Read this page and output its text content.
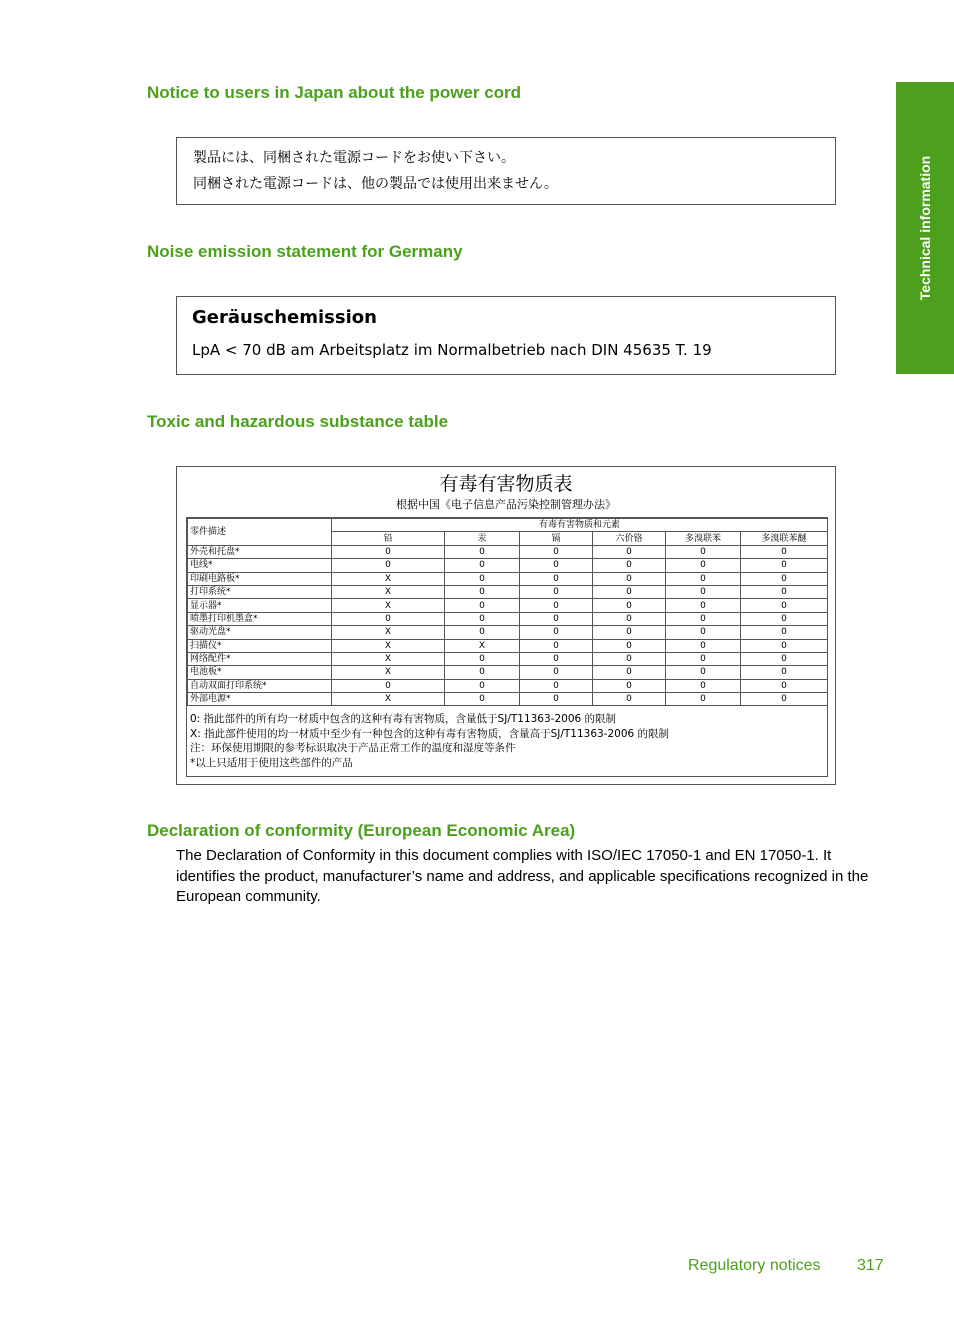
Technical information
Notice to users in Japan about the power cord
製品には、同梱された電源コードをお使い下さい。
同梱された電源コードは、他の製品では使用出来ません。
Noise emission statement for Germany
Geräuschemission
LpA < 70 dB am Arbeitsplatz im Normalbetrieb nach DIN 45635 T. 19
Toxic and hazardous substance table
有毒有害物质表
根据中国《电子信息产品污染控制管理办法》
零件描述	有毒有害物质和元素					
	铅	汞	镉	六价铬	多溴联苯	多溴联苯醚
外壳和托盘*	0	0	0	0	0	0
电线*	0	0	0	0	0	0
印刷电路板*	X	0	0	0	0	0
打印系统*	X	0	0	0	0	0
显示器*	X	0	0	0	0	0
喷墨打印机墨盒*	0	0	0	0	0	0
驱动光盘*	X	0	0	0	0	0
扫描仪*	X	X	0	0	0	0
网络配件*	X	0	0	0	0	0
电池板*	X	0	0	0	0	0
自动双面打印系统*	0	0	0	0	0	0
外部电源*	X	0	0	0	0	0
0: 指此部件的所有均一材质中包含的这种有毒有害物质，含量低于SJ/T11363-2006 的限制
X: 指此部件使用的均一材质中至少有一种包含的这种有毒有害物质，含量高于SJ/T11363-2006 的限制
注：环保使用期限的参考标识取决于产品正常工作的温度和湿度等条件
*以上只适用于使用这些部件的产品
Declaration of conformity (European Economic Area)
The Declaration of Conformity in this document complies with ISO/IEC 17050-1 and EN 17050-1. It identifies the product, manufacturer’s name and address, and applicable specifications recognized in the European community.
Regulatory notices 317
